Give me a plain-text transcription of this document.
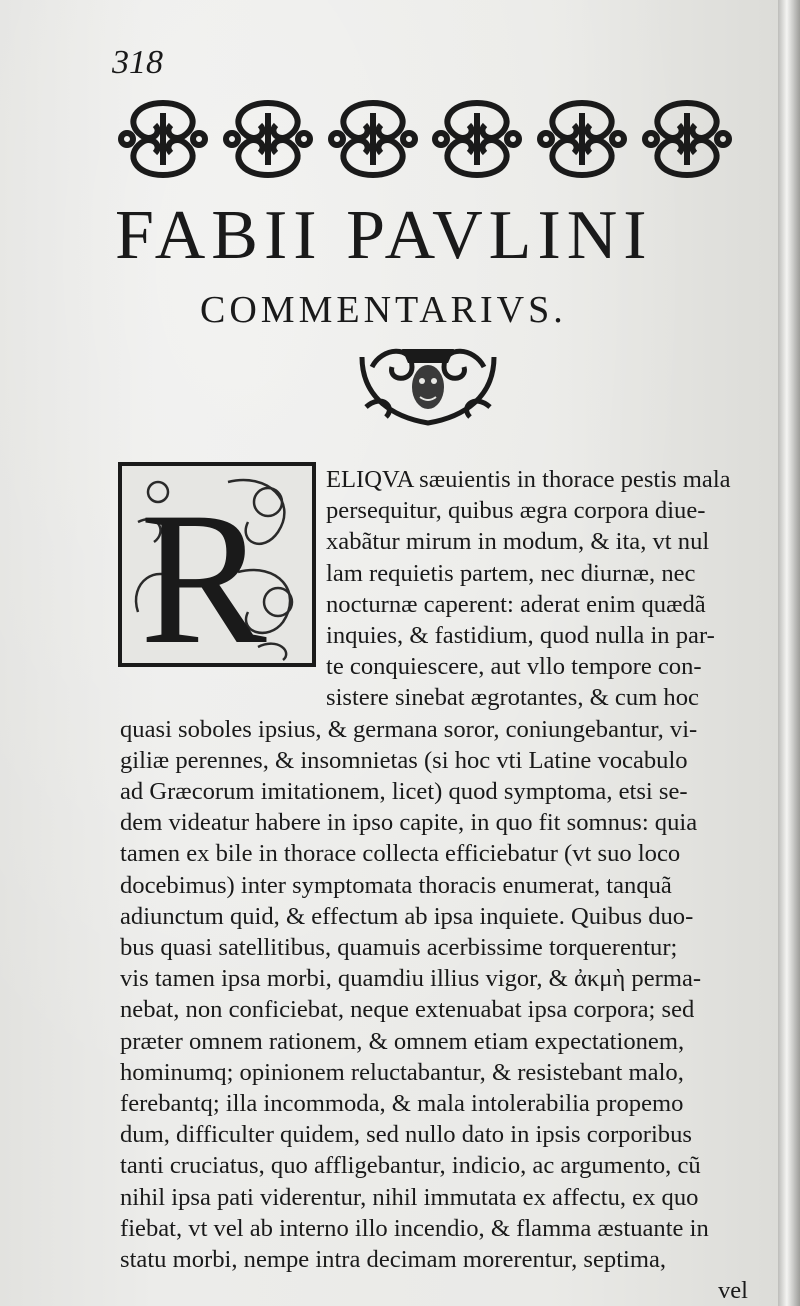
318
FABII PAVLINI
COMMENTARIVS.
R	ELIQVA sæuientis in thorace pestis mala
persequitur, quibus ægra corpora diue-
xabãtur mirum in modum, & ita, vt nul
lam requietis partem, nec diurnæ, nec
nocturnæ caperent: aderat enim quædã
inquies, & fastidium, quod nulla in par-
te conquiescere, aut vllo tempore con-
sistere sinebat ægrotantes, & cum hoc
quasi soboles ipsius, & germana soror, coniungebantur, vi-
giliæ perennes, & insomnietas (si hoc vti Latine vocabulo
ad Græcorum imitationem, licet) quod symptoma, etsi se-
dem videatur habere in ipso capite, in quo fit somnus: quia
tamen ex bile in thorace collecta efficiebatur (vt suo loco
docebimus) inter symptomata thoracis enumerat, tanquã
adiunctum quid, & effectum ab ipsa inquiete. Quibus duo-
bus quasi satellitibus, quamuis acerbissime torquerentur;
vis tamen ipsa morbi, quamdiu illius vigor, & ἀκμὴ perma-
nebat, non conficiebat, neque extenuabat ipsa corpora; sed
præter omnem rationem, & omnem etiam expectationem,
hominumq; opinionem reluctabantur, & resistebant malo,
ferebantq; illa incommoda, & mala intolerabilia propemo
dum, difficulter quidem, sed nullo dato in ipsis corporibus
tanti cruciatus, quo affligebantur, indicio, ac argumento, cũ
nihil ipsa pati viderentur, nihil immutata ex affectu, ex quo
fiebat, vt vel ab interno illo incendio, & flamma æstuante in
statu morbi, nempe intra decimam morerentur, septima,
vel
